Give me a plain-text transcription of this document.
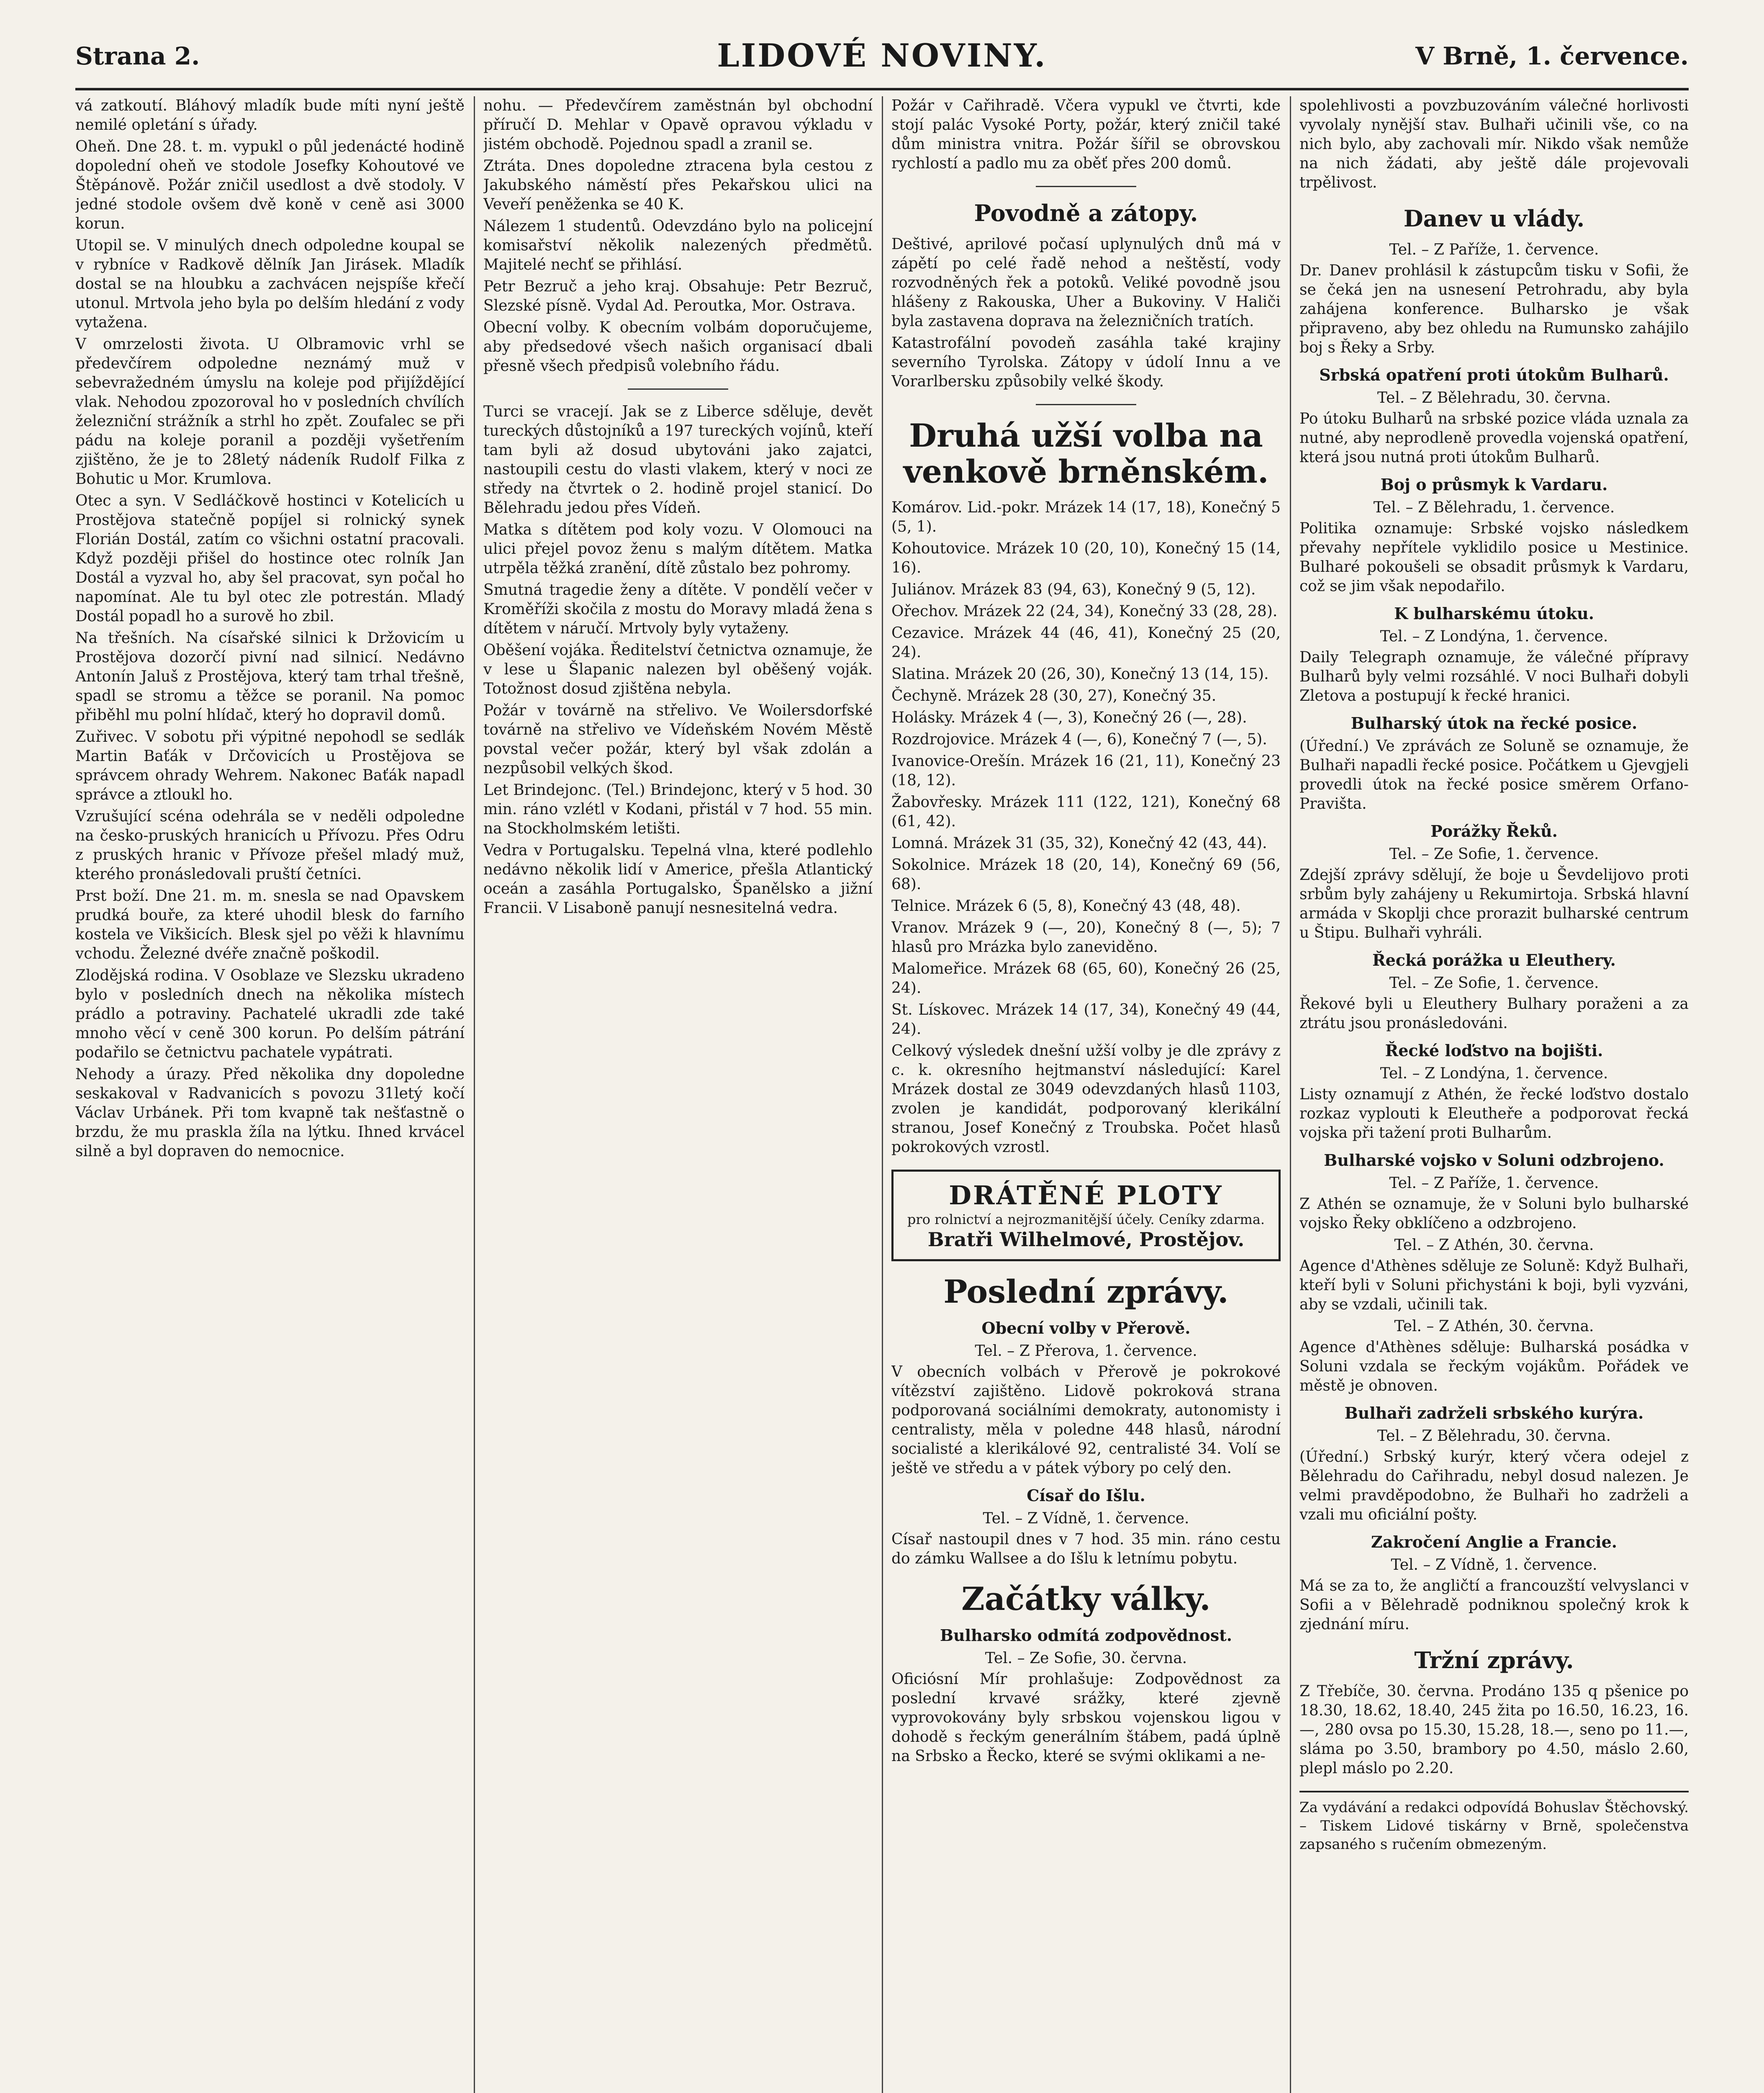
Strana 2.	LIDOVÉ NOVINY.	V Brně, 1. července.

vá zatkoutí. Bláhový mladík bude míti nyní ještě nemilé opletání s úřady.

Oheň. Dne 28. t. m. vypukl o půl jedenácté hodině dopolední oheň ve stodole Josefky Kohoutové ve Štěpánově. Požár zničil usedlost a dvě stodoly. V jedné stodole ovšem dvě koně v ceně asi 3000 korun.

Utopil se. V minulých dnech odpoledne koupal se v rybníce v Radkově dělník Jan Jirásek. Mladík dostal se na hloubku a zachvácen nejspíše křečí utonul. Mrtvola jeho byla po delším hledání z vody vytažena.

V omrzelosti života. U Olbramovic vrhl se předevčírem odpoledne neznámý muž v sebevražedném úmyslu na koleje pod přijíždějící vlak. Nehodou zpozoroval ho v posledních chvílích železniční strážník a strhl ho zpět. Zoufalec se při pádu na koleje poranil a později vyšetřením zjištěno, že je to 28letý nádeník Rudolf Filka z Bohutic u Mor. Krumlova.

Otec a syn. V Sedláčkově hostinci v Kotelicích u Prostějova statečně popíjel si rolnický synek Florián Dostál, zatím co všichni ostatní pracovali. Když později přišel do hostince otec rolník Jan Dostál a vyzval ho, aby šel pracovat, syn počal ho napomínat. Ale tu byl otec zle potrestán. Mladý Dostál popadl ho a surově ho zbil.

Na třešních. Na císařské silnici k Držovicím u Prostějova dozorčí pivní nad silnicí. Nedávno Antonín Jaluš z Prostějova, který tam trhal třešně, spadl se stromu a těžce se poranil. Na pomoc přiběhl mu polní hlídač, který ho dopravil domů.

Zuřivec. V sobotu při výpitné nepohodl se sedlák Martin Baťák v Drčovicích u Prostějova se správcem ohrady Wehrem. Nakonec Baťák napadl správce a ztloukl ho.

Vzrušující scéna odehrála se v neděli odpoledne na česko-pruských hranicích u Přívozu. Přes Odru z pruských hranic v Přívoze přešel mladý muž, kterého pronásledovali pruští četníci.

Prst boží. Dne 21. m. m. snesla se nad Opavskem prudká bouře, za které uhodil blesk do farního kostela ve Vikšicích. Blesk sjel po věži k hlavnímu vchodu. Železné dvéře značně poškodil.

Zlodějská rodina. V Osoblaze ve Slezsku ukradeno bylo v posledních dnech na několika místech prádlo a potraviny. Pachatelé ukradli zde také mnoho věcí v ceně 300 korun. Po delším pátrání podařilo se četnictvu pachatele vypátrati.

Nehody a úrazy. Před několika dny dopoledne seskakoval v Radvanicích s povozu 31letý kočí Václav Urbánek. Při tom kvapně tak nešťastně o brzdu, že mu praskla žíla na lýtku. Ihned krvácel silně a byl dopraven do nemocnice.

nohu. — Předevčírem zaměstnán byl obchodní příručí D. Mehlar v Opavě opravou výkladu v jistém obchodě. Pojednou spadl a zranil se.

Ztráta. Dnes dopoledne ztracena byla cestou z Jakubského náměstí přes Pekařskou ulici na Veveří peněženka se 40 K.

Nálezem 1 studentů. Odevzdáno bylo na policejní komisařství několik nalezených předmětů. Majitelé nechť se přihlásí.

Petr Bezruč a jeho kraj. Obsahuje: Petr Bezruč, Slezské písně. Vydal Ad. Peroutka, Mor. Ostrava.

Obecní volby. K obecním volbám doporučujeme, aby předsedové všech našich organisací dbali přesně všech předpisů volebního řádu.

Turci se vracejí. Jak se z Liberce sděluje, devět tureckých důstojníků a 197 tureckých vojínů, kteří tam byli až dosud ubytováni jako zajatci, nastoupili cestu do vlasti vlakem, který v noci ze středy na čtvrtek o 2. hodině projel stanicí. Do Bělehradu jedou přes Vídeň.

Matka s dítětem pod koly vozu. V Olomouci na ulici přejel povoz ženu s malým dítětem. Matka utrpěla těžká zranění, dítě zůstalo bez pohromy.

Smutná tragedie ženy a dítěte. V pondělí večer v Kroměříži skočila z mostu do Moravy mladá žena s dítětem v náručí. Mrtvoly byly vytaženy.

Oběšení vojáka. Ředitelství četnictva oznamuje, že v lese u Šlapanic nalezen byl oběšený voják. Totožnost dosud zjištěna nebyla.

Požár v továrně na střelivo. Ve Woilersdorfské továrně na střelivo ve Vídeňském Novém Městě povstal večer požár, který byl však zdolán a nezpůsobil velkých škod.

Let Brindejonc. (Tel.) Brindejonc, který v 5 hod. 30 min. ráno vzlétl v Kodani, přistál v 7 hod. 55 min. na Stockholmském letišti.

Vedra v Portugalsku. Tepelná vlna, které podlehlo nedávno několik lidí v Americe, přešla Atlantický oceán a zasáhla Portugalsko, Španělsko a jižní Francii. V Lisaboně panují nesnesitelná vedra.

Požár v Cařihradě. Včera vypukl ve čtvrti, kde stojí palác Vysoké Porty, požár, který zničil také dům ministra vnitra. Požár šířil se obrovskou rychlostí a padlo mu za oběť přes 200 domů.

Povodně a zátopy.

Deštivé, aprilové počasí uplynulých dnů má v zápětí po celé řadě nehod a neštěstí, vody rozvodněných řek a potoků. Veliké povodně jsou hlášeny z Rakouska, Uher a Bukoviny. V Haliči byla zastavena doprava na železničních tratích.

Katastrofální povodeň zasáhla také krajiny severního Tyrolska. Zátopy v údolí Innu a ve Vorarlbersku způsobily velké škody.

Druhá užší volba na venkově brněnském.

Komárov. Lid.-pokr. Mrázek 14 (17, 18), Konečný 5 (5, 1).

Kohoutovice. Mrázek 10 (20, 10), Konečný 15 (14, 16).

Juliánov. Mrázek 83 (94, 63), Konečný 9 (5, 12).

Ořechov. Mrázek 22 (24, 34), Konečný 33 (28, 28).

Cezavice. Mrázek 44 (46, 41), Konečný 25 (20, 24).

Slatina. Mrázek 20 (26, 30), Konečný 13 (14, 15).

Čechyně. Mrázek 28 (30, 27), Konečný 35.

Holásky. Mrázek 4 (—, 3), Konečný 26 (—, 28).

Rozdrojovice. Mrázek 4 (—, 6), Konečný 7 (—, 5).

Ivanovice-Orešín. Mrázek 16 (21, 11), Konečný 23 (18, 12).

Žabovřesky. Mrázek 111 (122, 121), Konečný 68 (61, 42).

Lomná. Mrázek 31 (35, 32), Konečný 42 (43, 44).

Sokolnice. Mrázek 18 (20, 14), Konečný 69 (56, 68).

Telnice. Mrázek 6 (5, 8), Konečný 43 (48, 48).

Vranov. Mrázek 9 (—, 20), Konečný 8 (—, 5); 7 hlasů pro Mrázka bylo zaneviděno.

Malomeřice. Mrázek 68 (65, 60), Konečný 26 (25, 24).

St. Lískovec. Mrázek 14 (17, 34), Konečný 49 (44, 24).

Celkový výsledek dnešní užší volby je dle zprávy z c. k. okresního hejtmanství následující: Karel Mrázek dostal ze 3049 odevzdaných hlasů 1103, zvolen je kandidát, podporovaný klerikální stranou, Josef Konečný z Troubska. Počet hlasů pokrokových vzrostl.

DRÁTĚNÉ PLOTY
pro rolnictví a nejrozmanitější účely. Ceníky zdarma.
Bratři Wilhelmové, Prostějov.
Poslední zprávy.
Obecní volby v Přerově.
Tel. – Z Přerova, 1. července.

V obecních volbách v Přerově je pokrokové vítězství zajištěno. Lidově pokroková strana podporovaná sociálními demokraty, autonomisty i centralisty, měla v poledne 448 hlasů, národní socialisté a klerikálové 92, centralisté 34. Volí se ještě ve středu a v pátek výbory po celý den.

Císař do Išlu.
Tel. – Z Vídně, 1. července.

Císař nastoupil dnes v 7 hod. 35 min. ráno cestu do zámku Wallsee a do Išlu k letnímu pobytu.

Začátky války.
Bulharsko odmítá zodpovědnost.
Tel. – Ze Sofie, 30. června.

Oficiósní Mír prohlašuje: Zodpovědnost za poslední krvavé srážky, které zjevně vyprovokovány byly srbskou vojenskou ligou v dohodě s řeckým generálním štábem, padá úplně na Srbsko a Řecko, které se svými oklikami a ne-

spolehlivosti a povzbuzováním válečné horlivosti vyvolaly nynější stav. Bulhaři učinili vše, co na nich bylo, aby zachovali mír. Nikdo však nemůže na nich žádati, aby ještě dále projevovali trpělivost.

Danev u vlády.
Tel. – Z Paříže, 1. července.

Dr. Danev prohlásil k zástupcům tisku v Sofii, že se čeká jen na usnesení Petrohradu, aby byla zahájena konference. Bulharsko je však připraveno, aby bez ohledu na Rumunsko zahájilo boj s Řeky a Srby.

Srbská opatření proti útokům Bulharů.
Tel. – Z Bělehradu, 30. června.

Po útoku Bulharů na srbské pozice vláda uznala za nutné, aby neprodleně provedla vojenská opatření, která jsou nutná proti útokům Bulharů.

Boj o průsmyk k Vardaru.
Tel. – Z Bělehradu, 1. července.

Politika oznamuje: Srbské vojsko následkem převahy nepřítele vyklidilo posice u Mestinice. Bulharé pokoušeli se obsadit průsmyk k Vardaru, což se jim však nepodařilo.

K bulharskému útoku.
Tel. – Z Londýna, 1. července.

Daily Telegraph oznamuje, že válečné přípravy Bulharů byly velmi rozsáhlé. V noci Bulhaři dobyli Zletova a postupují k řecké hranici.

Bulharský útok na řecké posice.

(Úřední.) Ve zprávách ze Soluně se oznamuje, že Bulhaři napadli řecké posice. Počátkem u Gjevgjeli provedli útok na řecké posice směrem Orfano-Pravišta.

Porážky Řeků.
Tel. – Ze Sofie, 1. července.

Zdejší zprávy sdělují, že boje u Ševdelijovo proti srbům byly zahájeny u Rekumirtoja. Srbská hlavní armáda v Skoplji chce prorazit bulharské centrum u Štipu. Bulhaři vyhráli.

Řecká porážka u Eleuthery.
Tel. – Ze Sofie, 1. července.

Řekové byli u Eleuthery Bulhary poraženi a za ztrátu jsou pronásledováni.

Řecké loďstvo na bojišti.
Tel. – Z Londýna, 1. července.

Listy oznamují z Athén, že řecké loďstvo dostalo rozkaz vyplouti k Eleutheře a podporovat řecká vojska při tažení proti Bulharům.

Bulharské vojsko v Soluni odzbrojeno.
Tel. – Z Paříže, 1. července.

Z Athén se oznamuje, že v Soluni bylo bulharské vojsko Řeky obklíčeno a odzbrojeno.

Tel. – Z Athén, 30. června.

Agence d'Athènes sděluje ze Soluně: Když Bulhaři, kteří byli v Soluni přichystáni k boji, byli vyzváni, aby se vzdali, učinili tak.

Tel. – Z Athén, 30. června.

Agence d'Athènes sděluje: Bulharská posádka v Soluni vzdala se řeckým vojákům. Pořádek ve městě je obnoven.

Bulhaři zadrželi srbského kurýra.
Tel. – Z Bělehradu, 30. června.

(Úřední.) Srbský kurýr, který včera odejel z Bělehradu do Cařihradu, nebyl dosud nalezen. Je velmi pravděpodobno, že Bulhaři ho zadrželi a vzali mu oficiální pošty.

Zakročení Anglie a Francie.
Tel. – Z Vídně, 1. července.

Má se za to, že angličtí a francouzští velvyslanci v Sofii a v Bělehradě podniknou společný krok k zjednání míru.

Tržní zprávy.

Z Třebíče, 30. června. Prodáno 135 q pšenice po 18.30, 18.62, 18.40, 245 žita po 16.50, 16.23, 16.—, 280 ovsa po 15.30, 15.28, 18.—, seno po 11.—, sláma po 3.50, brambory po 4.50, máslo 2.60, plepl máslo po 2.20.

Za vydávání a redakci odpovídá Bohuslav Štěchovský. – Tiskem Lidové tiskárny v Brně, společenstva zapsaného s ručením obmezeným.
